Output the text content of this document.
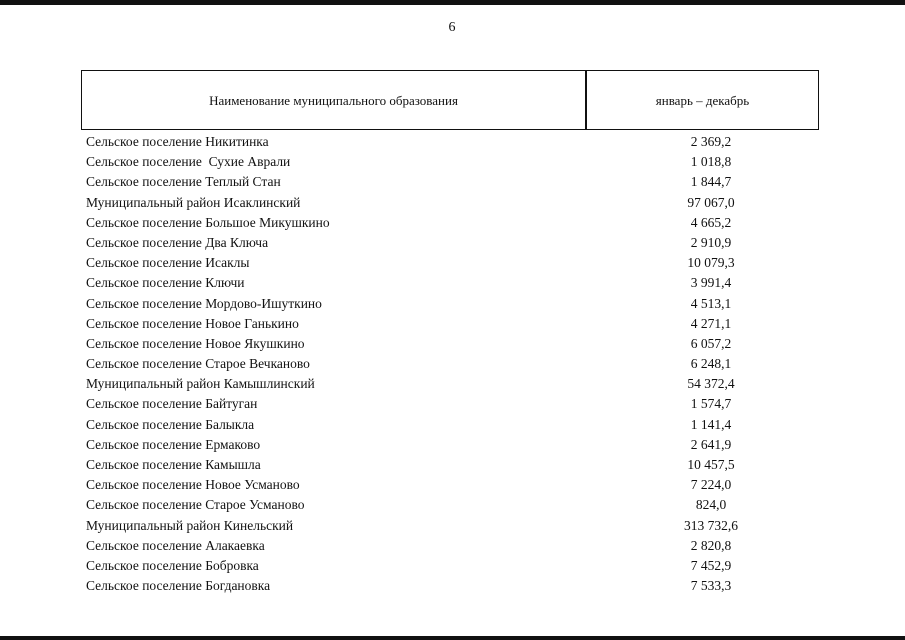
6
Наименование муниципального образования	январь – декабрь
Сельское поселение Никитинка	2 369,2
Сельское поселение  Сухие Аврали	1 018,8
Сельское поселение Теплый Стан	1 844,7
Муниципальный район Исаклинский	97 067,0
Сельское поселение Большое Микушкино	4 665,2
Сельское поселение Два Ключа	2 910,9
Сельское поселение Исаклы	10 079,3
Сельское поселение Ключи	3 991,4
Сельское поселение Мордово-Ишуткино	4 513,1
Сельское поселение Новое Ганькино	4 271,1
Сельское поселение Новое Якушкино	6 057,2
Сельское поселение Старое Вечканово	6 248,1
Муниципальный район Камышлинский	54 372,4
Сельское поселение Байтуган	1 574,7
Сельское поселение Балыкла	1 141,4
Сельское поселение Ермаково	2 641,9
Сельское поселение Камышла	10 457,5
Сельское поселение Новое Усманово	7 224,0
Сельское поселение Старое Усманово	824,0
Муниципальный район Кинельский	313 732,6
Сельское поселение Алакаевка	2 820,8
Сельское поселение Бобровка	7 452,9
Сельское поселение Богдановка	7 533,3
